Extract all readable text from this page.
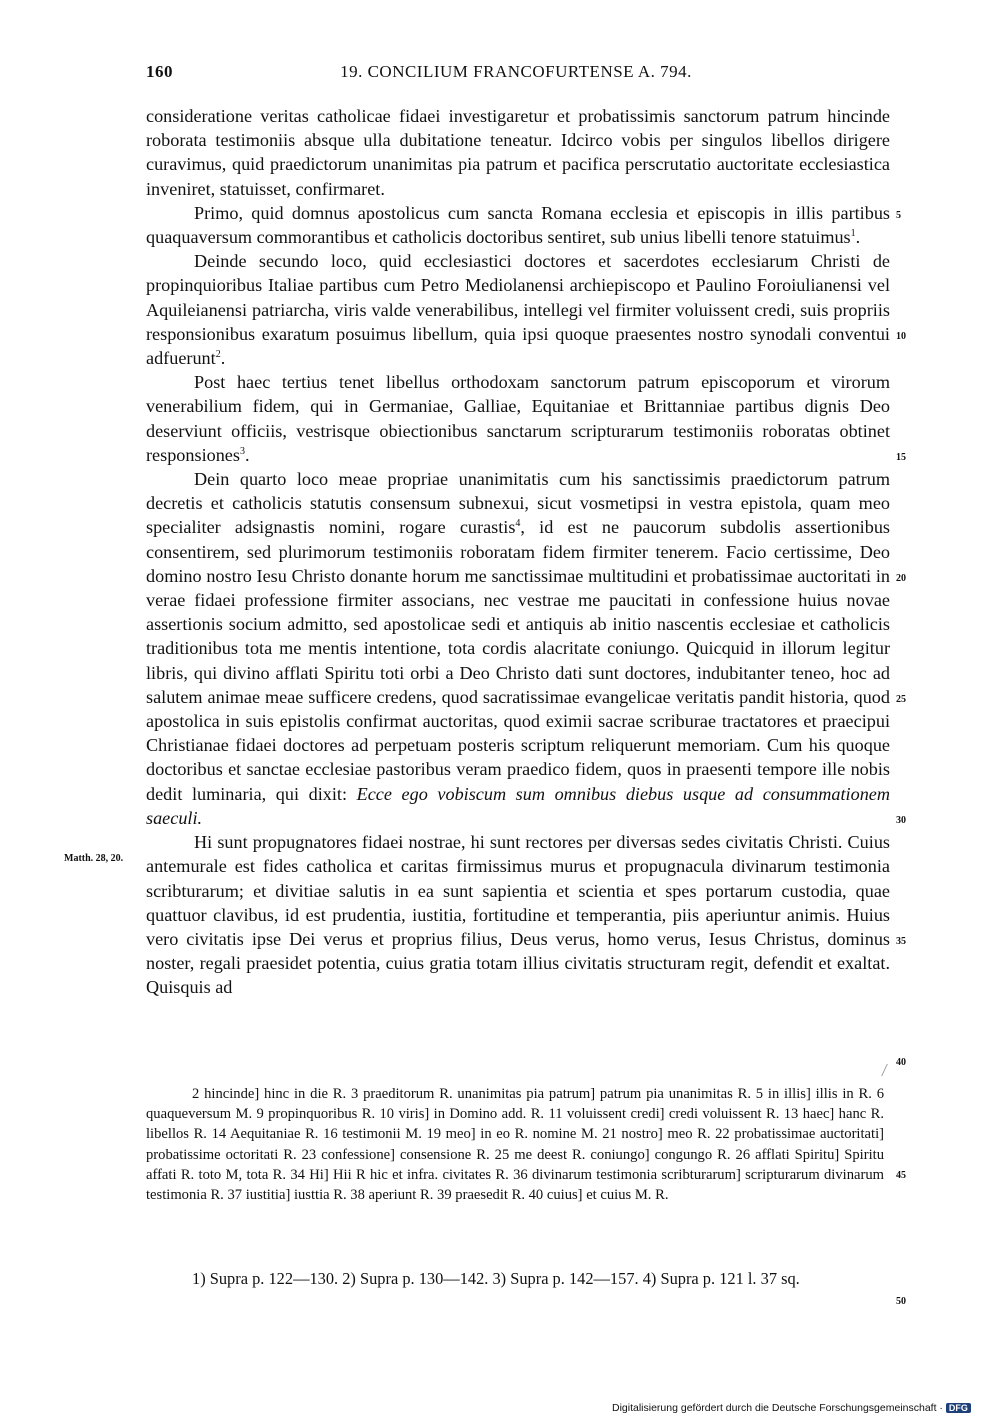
160	19. CONCILIUM FRANCOFURTENSE A. 794.

consideratione veritas catholicae fidaei investigaretur et probatissimis sanctorum patrum hincinde roborata testimoniis absque ulla dubitatione teneatur. Idcirco vobis per singulos libellos dirigere curavimus, quid praedictorum unanimitas pia patrum et pacifica perscrutatio auctoritate ecclesiastica inveniret, statuisset, confirmaret.

Primo, quid domnus apostolicus cum sancta Romana ecclesia et episcopis in illis partibus quaquaversum commorantibus et catholicis doctoribus sentiret, sub unius libelli tenore statuimus$^1$.

Deinde secundo loco, quid ecclesiastici doctores et sacerdotes ecclesiarum Christi de propinquioribus Italiae partibus cum Petro Mediolanensi archiepiscopo et Paulino Foroiulianensi vel Aquileianensi patriarcha, viris valde venerabilibus, intellegi vel firmiter voluissent credi, suis propriis responsionibus exaratum posuimus libellum, quia ipsi quoque praesentes nostro synodali conventui adfuerunt$^2$.

Post haec tertius tenet libellus orthodoxam sanctorum patrum episcoporum et virorum venerabilium fidem, qui in Germaniae, Galliae, Equitaniae et Brittanniae partibus dignis Deo deserviunt officiis, vestrisque obiectionibus sanctarum scripturarum testimoniis roboratas obtinet responsiones$^3$.

Dein quarto loco meae propriae unanimitatis cum his sanctissimis praedictorum patrum decretis et catholicis statutis consensum subnexui, sicut vosmetipsi in vestra epistola, quam meo specialiter adsignastis nomini, rogare curastis$^4$, id est ne paucorum subdolis assertionibus consentirem, sed plurimorum testimoniis roboratam fidem firmiter tenerem. Facio certissime, Deo domino nostro Iesu Christo donante horum me sanctissimae multitudini et probatissimae auctoritati in verae fidaei professione firmiter associans, nec vestrae me paucitati in confessione huius novae assertionis socium admitto, sed apostolicae sedi et antiquis ab initio nascentis ecclesiae et catholicis traditionibus tota me mentis intentione, tota cordis alacritate coniungo. Quicquid in illorum legitur libris, qui divino afflati Spiritu toti orbi a Deo Christo dati sunt doctores, indubitanter teneo, hoc ad salutem animae meae sufficere credens, quod sacratissimae evangelicae veritatis pandit historia, quod apostolica in suis epistolis confirmat auctoritas, quod eximii sacrae scriburae tractatores et praecipui Christianae fidaei doctores ad perpetuam posteris scriptum reliquerunt memoriam. Cum his quoque doctoribus et sanctae ecclesiae pastoribus veram praedico fidem, quos in praesenti tempore ille nobis dedit luminaria, qui dixit: Ecce ego vobiscum sum omnibus diebus usque ad consummationem saeculi.

Hi sunt propugnatores fidaei nostrae, hi sunt rectores per diversas sedes civitatis Christi. Cuius antemurale est fides catholica et caritas firmissimus murus et propugnacula divinarum testimonia scribturarum; et divitiae salutis in ea sunt sapientia et scientia et spes portarum custodia, quae quattuor clavibus, id est prudentia, iustitia, fortitudine et temperantia, piis aperiuntur animis. Huius vero civitatis ipse Dei verus et proprius filius, Deus verus, homo verus, Iesus Christus, dominus noster, regali praesidet potentia, cuius gratia totam illius civitatis structuram regit, defendit et exaltat. Quisquis ad

5
10
15
20
25
30
35
40
45
50
Matth. 28, 20.

2 hincinde] hinc in die R. 3 praeditorum R. unanimitas pia patrum] patrum pia unanimitas R. 5 in illis] illis in R. 6 quaqueversum M. 9 propinquoribus R. 10 viris] in Domino add. R. 11 voluissent credi] credi voluissent R. 13 haec] hanc R. libellos R. 14 Aequitaniae R. 16 testimonii M. 19 meo] in eo R. nomine M. 21 nostro] meo R. 22 probatissimae auctoritati] probatissime octoritati R. 23 confessione] consensione R. 25 me deest R. coniungo] congungo R. 26 afflati Spiritu] Spiritu affati R. toto M, tota R. 34 Hi] Hii R hic et infra. civitates R. 36 divinarum testimonia scribturarum] scripturarum divinarum testimonia R. 37 iustitia] iusttia R. 38 aperiunt R. 39 praesedit R. 40 cuius] et cuius M. R.

1) Supra p. 122—130. 2) Supra p. 130—142. 3) Supra p. 142—157. 4) Supra p. 121 l. 37 sq.

Digitalisierung gefördert durch die Deutsche Forschungsgemeinschaft · DFG
